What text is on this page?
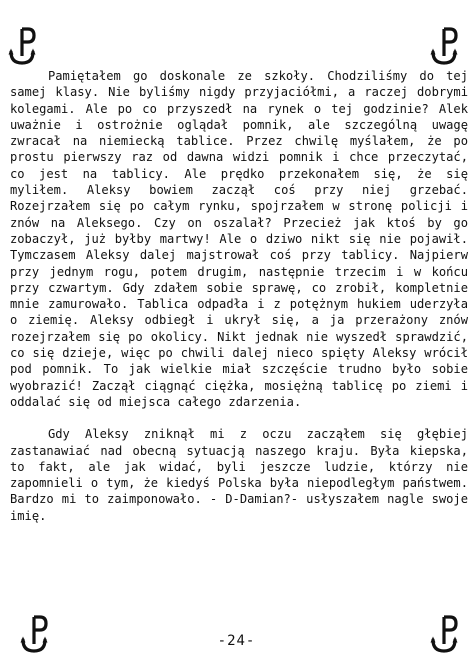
Pamiętałem go doskonale ze szkoły. Chodziliśmy do tej samej klasy. Nie byliśmy nigdy przyjaciółmi, a raczej dobrymi kolegami. Ale po co przyszedł na rynek o tej godzinie? Alek uważnie i ostrożnie oglądał pomnik, ale szczególną uwagę zwracał na niemiecką tablice. Przez chwilę myślałem, że po prostu pierwszy raz od dawna widzi pomnik i chce przeczytać, co jest na tablicy. Ale prędko przekonałem się, że się myliłem. Aleksy bowiem zaczął coś przy niej grzebać. Rozejrzałem się po całym rynku, spojrzałem w stronę policji i znów na Aleksego. Czy on oszalał? Przecież jak ktoś by go zobaczył, już byłby martwy! Ale o dziwo nikt się nie pojawił. Tymczasem Aleksy dalej majstrował coś przy tablicy. Najpierw przy jednym rogu, potem drugim, następnie trzecim i w końcu przy czwartym. Gdy zdałem sobie sprawę, co zrobił, kompletnie mnie zamurowało. Tablica odpadła i z potężnym hukiem uderzyła o ziemię. Aleksy odbiegł i ukrył się, a ja przerażony znów rozejrzałem się po okolicy. Nikt jednak nie wyszedł sprawdzić, co się dzieje, więc po chwili dalej nieco spięty Aleksy wrócił pod pomnik. To jak wielkie miał szczęście trudno było sobie wyobrazić! Zaczął ciągnąć ciężka, mosiężną tablicę po ziemi i oddalać się od miejsca całego zdarzenia.

Gdy Aleksy zniknął mi z oczu zacząłem się głębiej zastanawiać nad obecną sytuacją naszego kraju. Była kiepska, to fakt, ale jak widać, byli jeszcze ludzie, którzy nie zapomnieli o tym, że kiedyś Polska była niepodległym państwem. Bardzo mi to zaimponowało. - D-Damian?- usłyszałem nagle swoje imię.

-24-
